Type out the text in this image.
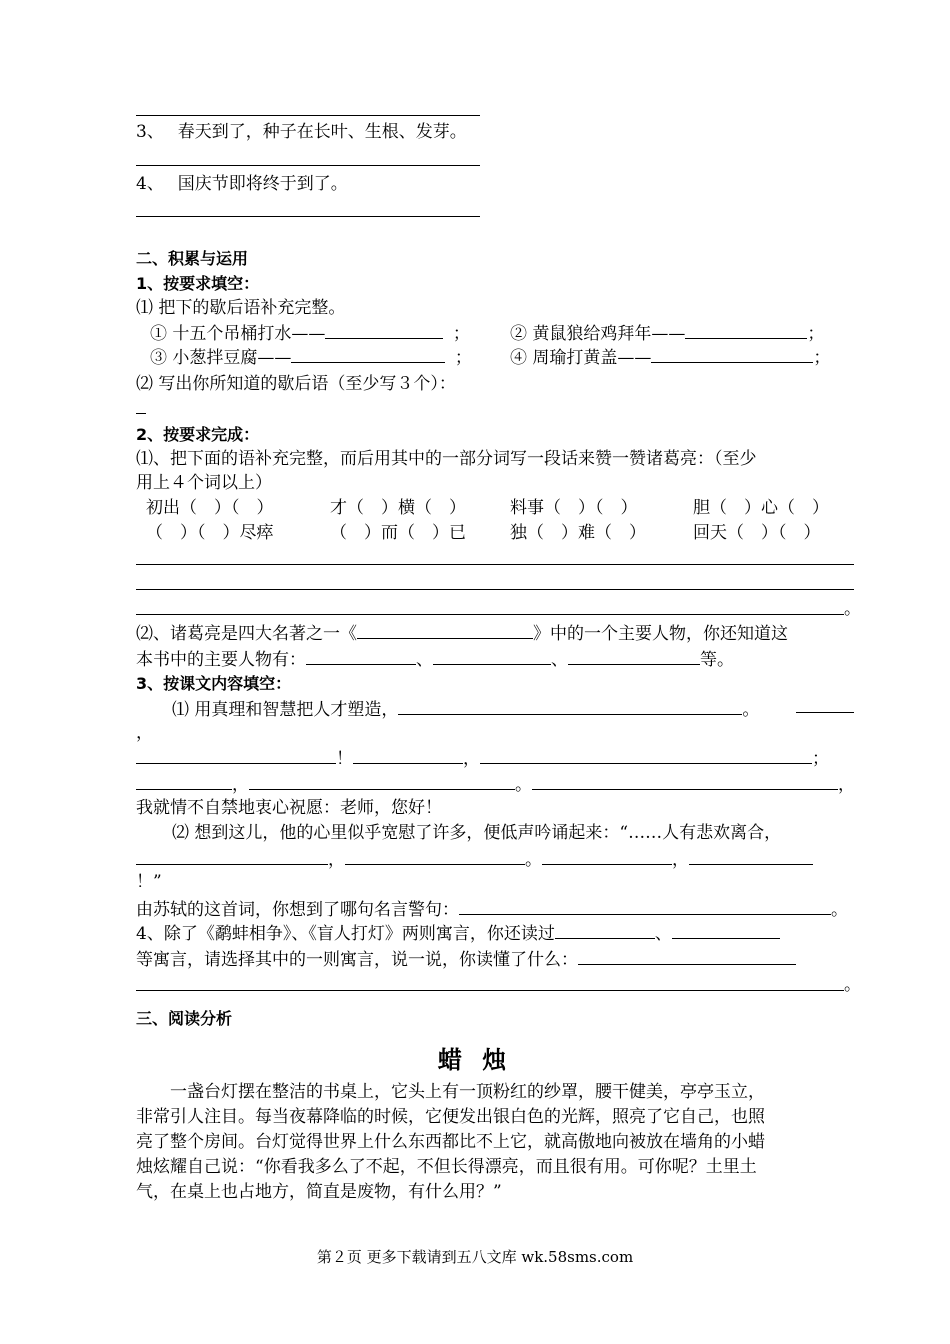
3、　 春天到了，种子在长叶、生根、发芽。
4、　 国庆节即将终于到了。
二、积累与运用
1、按要求填空：
⑴ 把下的歇后语补充完整。
① 十五个吊桶打水——	； ② 黄鼠狼给鸡拜年——	；
③ 小葱拌豆腐——	； ④ 周瑜打黄盖——	；
⑵ 写出你所知道的歇后语（至少写３个）：
2、按要求完成：
⑴、把下面的语补充完整，而后用其中的一部分词写一段话来赞一赞诸葛亮：（至少
用上４个词以上）
初出（　）（　）	才（　）横（　）	料事（　）（　）	胆（　）心（　）
（　）（　）尽瘁	（　）而（　）已	独（　）难（　）	回天（　）（　）
。
⑵、诸葛亮是四大名著之一《	》中的一个主要人物，你还知道这
本书中的主要人物有：	、	、	等。
3、按课文内容填空：
⑴ 用真理和智慧把人才塑造，	。
，
！	，	；
，	。	，
我就情不自禁地衷心祝愿：老师，您好！
⑵ 想到这儿，他的心里似乎宽慰了许多，便低声吟诵起来：“……人有悲欢离合，
，	。	，
！”
由苏轼的这首词，你想到了哪句名言警句：	。
4、除了《鹬蚌相争》、《盲人打灯》两则寓言，你还读过	、
等寓言，请选择其中的一则寓言，说一说，你读懂了什么：
。
三、阅读分析
蜡 烛
　　一盏台灯摆在整洁的书桌上，它头上有一顶粉红的纱罩，腰干健美，亭亭玉立，
非常引人注目。每当夜幕降临的时候，它便发出银白色的光辉，照亮了它自己，也照
亮了整个房间。台灯觉得世界上什么东西都比不上它，就高傲地向被放在墙角的小蜡
烛炫耀自己说：“你看我多么了不起，不但长得漂亮，而且很有用。可你呢？土里土
气，在桌上也占地方，简直是废物，有什么用？”
第２页 更多下载请到五八文库 wk.58sms.com
